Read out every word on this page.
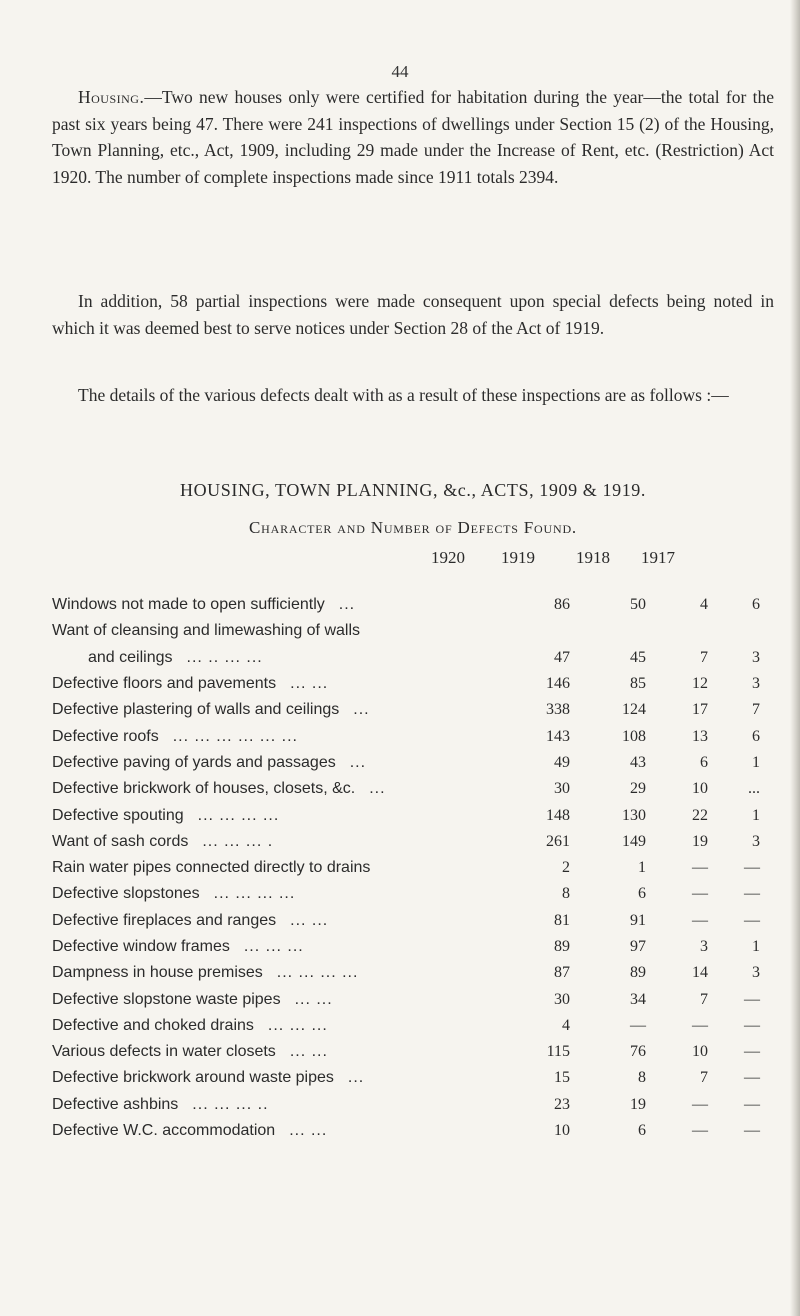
44
Housing.—Two new houses only were certified for habitation during the year—the total for the past six years being 47. There were 241 inspections of dwellings under Section 15 (2) of the Housing, Town Planning, etc., Act, 1909, including 29 made under the Increase of Rent, etc. (Restriction) Act 1920. The number of complete inspections made since 1911 totals 2394.
In addition, 58 partial inspections were made consequent upon special defects being noted in which it was deemed best to serve notices under Section 28 of the Act of 1919.
The details of the various defects dealt with as a result of these inspections are as follows :—
HOUSING, TOWN PLANNING, &c., ACTS, 1909 & 1919.
Character and Number of Defects Found.
1920 1919 1918 1917
Windows not made to open sufficiently ...	86	50	4	6
Want of cleansing and limewashing of walls				
and ceilings ... .. ... ...	47	45	7	3
Defective floors and pavements ... ...	146	85	12	3
Defective plastering of walls and ceilings ...	338	124	17	7
Defective roofs ... ... ... ... ... ...	143	108	13	6
Defective paving of yards and passages ...	49	43	6	1
Defective brickwork of houses, closets, &c. ...	30	29	10	...
Defective spouting ... ... ... ...	148	130	22	1
Want of sash cords ... ... ... .	261	149	19	3
Rain water pipes connected directly to drains	2	1	—	—
Defective slopstones ... ... ... ...	8	6	—	—
Defective fireplaces and ranges ... ...	81	91	—	—
Defective window frames ... ... ...	89	97	3	1
Dampness in house premises ... ... ... ...	87	89	14	3
Defective slopstone waste pipes ... ...	30	34	7	—
Defective and choked drains ... ... ...	4	—	—	—
Various defects in water closets ... ...	115	76	10	—
Defective brickwork around waste pipes ...	15	8	7	—
Defective ashbins ... ... ... ..	23	19	—	—
Defective W.C. accommodation ... ...	10	6	—	—
